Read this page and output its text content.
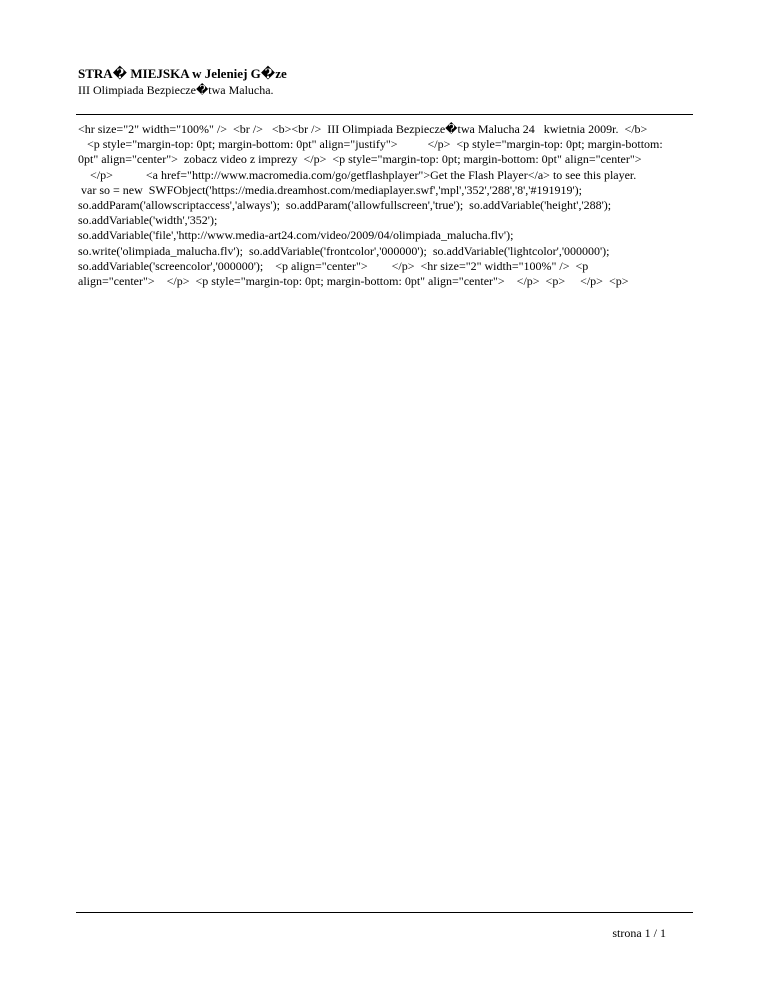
STRA� MIEJSKA w Jeleniej G�ze
III Olimpiada Bezpiecze�twa Malucha.
<hr size="2" width="100%" />  <br />   <b><br />  III Olimpiada Bezpiecze�twa Malucha 24   kwietnia 2009r.  </b>
<p style="margin-top: 0pt; margin-bottom: 0pt" align="justify">          </p>  <p style="margin-top: 0pt; margin-bottom:
0pt" align="center">  zobacz video z imprezy  </p>  <p style="margin-top: 0pt; margin-bottom: 0pt" align="center">
</p>           <a href="http://www.macromedia.com/go/getflashplayer">Get the Flash Player</a> to see this player.
var so = new  SWFObject('https://media.dreamhost.com/mediaplayer.swf','mpl','352','288','8','#191919');
so.addParam('allowscriptaccess','always');  so.addParam('allowfullscreen','true');  so.addVariable('height','288');
so.addVariable('width','352');
so.addVariable('file','http://www.media-art24.com/video/2009/04/olimpiada_malucha.flv');
so.write('olimpiada_malucha.flv');  so.addVariable('frontcolor','000000');  so.addVariable('lightcolor','000000');
so.addVariable('screencolor','000000');    <p align="center">        </p>  <hr size="2" width="100%" />  <p
align="center">    </p>  <p style="margin-top: 0pt; margin-bottom: 0pt" align="center">    </p>  <p>     </p>  <p>
strona 1 / 1
